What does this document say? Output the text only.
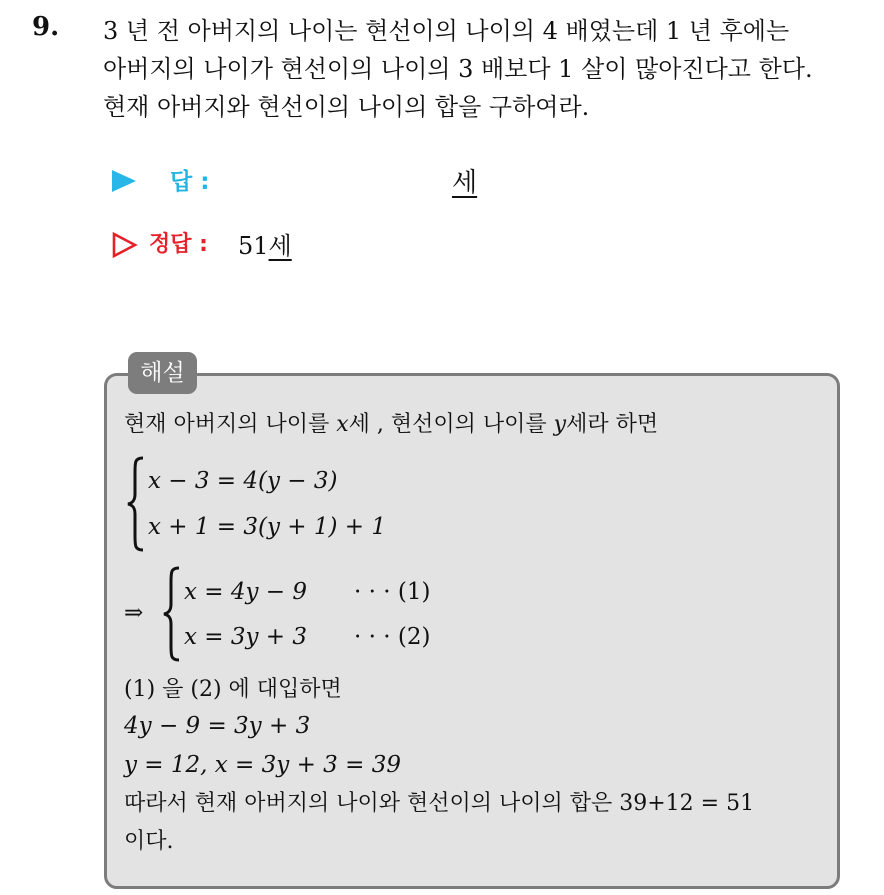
9. 3 년 전 아버지의 나이는 현선이의 나이의 4 배였는데 1 년 후에는
아버지의 나이가 현선이의 나이의 3 배보다 1 살이 많아진다고 한다.
현재 아버지와 현선이의 나이의 합을 구하여라.
답 :	세
정답 : 51세
해설
현재 아버지의 나이를 x세 , 현선이의 나이를 y세라 하면
x − 3 = 4(y − 3)
x + 1 = 3(y + 1) + 1
⇒
x = 4y − 9 · · · (1)
x = 3y + 3 · · · (2)
(1) 을 (2) 에 대입하면
4y − 9 = 3y + 3
y = 12, x = 3y + 3 = 39
따라서 현재 아버지의 나이와 현선이의 나이의 합은 39+12 = 51
이다.
